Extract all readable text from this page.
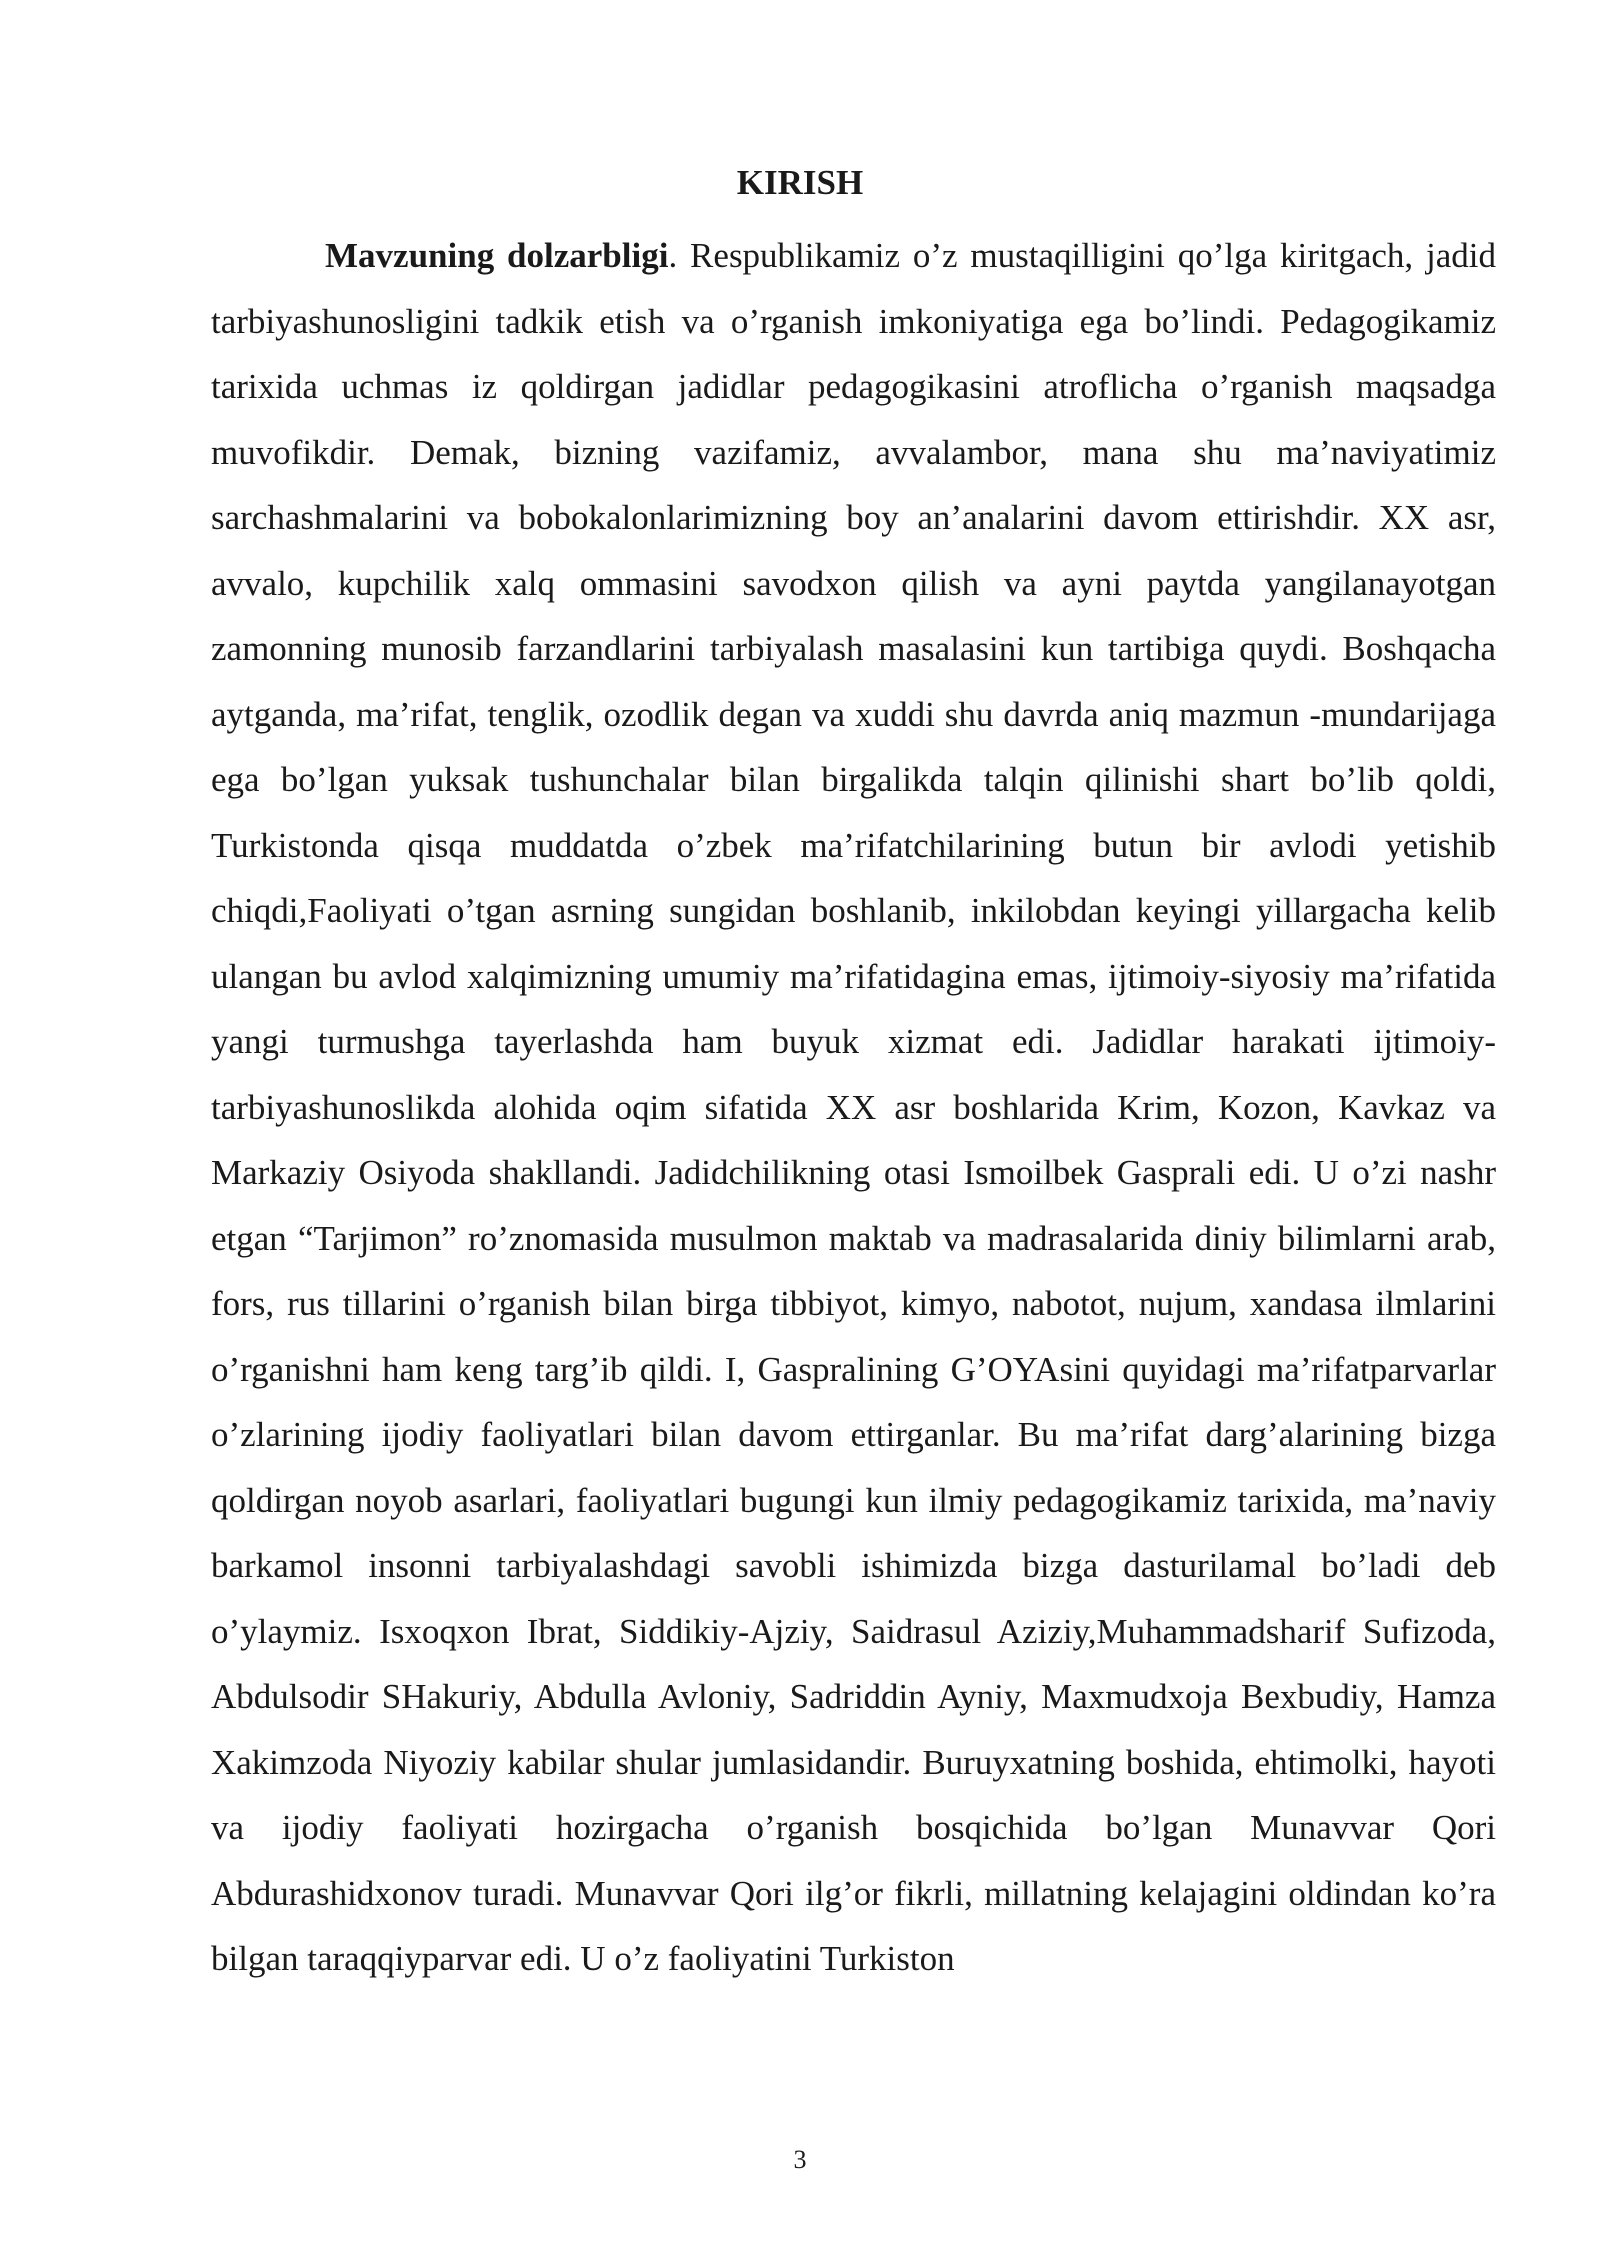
KIRISH

Mavzuning dolzarbligi. Respublikamiz o’z mustaqilligini qo’lga kiritgach, jadid tarbiyashunosligini tadkik etish va o’rganish imkoniyatiga ega bo’lindi. Pedagogikamiz tarixida uchmas iz qoldirgan jadidlar pedagogikasini atroflicha o’rganish maqsadga muvofikdir. Demak, bizning vazifamiz, avvalambor, mana shu ma’naviyatimiz sarchashmalarini va bobokalonlarimizning boy an’analarini davom ettirishdir. XX asr, avvalo, kupchilik xalq ommasini savodxon qilish va ayni paytda yangilanayotgan zamonning munosib farzandlarini tarbiyalash masalasini kun tartibiga quydi. Boshqacha aytganda, ma’rifat, tenglik, ozodlik degan va xuddi shu davrda aniq mazmun -mundarijaga ega bo’lgan yuksak tushunchalar bilan birgalikda talqin qilinishi shart bo’lib qoldi, Turkistonda qisqa muddatda o’zbek ma’rifatchilarining butun bir avlodi yetishib chiqdi,Faoliyati o’tgan asrning sungidan boshlanib, inkilobdan keyingi yillargacha kelib ulangan bu avlod xalqimizning umumiy ma’rifatidagina emas, ijtimoiy-siyosiy ma’rifatida yangi turmushga tayerlashda ham buyuk xizmat edi. Jadidlar harakati ijtimoiy-tarbiyashunoslikda alohida oqim sifatida XX asr boshlarida Krim, Kozon, Kavkaz va Markaziy Osiyoda shakllandi. Jadidchilikning otasi Ismoilbek Gasprali edi. U o’zi nashr etgan “Tarjimon” ro’znomasida musulmon maktab va madrasalarida diniy bilimlarni arab, fors, rus tillarini o’rganish bilan birga tibbiyot, kimyo, nabotot, nujum, xandasa ilmlarini o’rganishni ham keng targ’ib qildi. I, Gaspralining G’OYAsini quyidagi ma’rifatparvarlar o’zlarining ijodiy faoliyatlari bilan davom ettirganlar. Bu ma’rifat darg’alarining bizga qoldirgan noyob asarlari, faoliyatlari bugungi kun ilmiy pedagogikamiz tarixida, ma’naviy barkamol insonni tarbiyalashdagi savobli ishimizda bizga dasturilamal bo’ladi deb o’ylaymiz. Isxoqxon Ibrat, Siddikiy-Ajziy, Saidrasul Aziziy,Muhammadsharif Sufizoda, Abdulsodir SHakuriy, Abdulla Avloniy, Sadriddin Ayniy, Maxmudxoja Bexbudiy, Hamza Xakimzoda Niyoziy kabilar shular jumlasidandir. Buruyxatning boshida, ehtimolki, hayoti va ijodiy faoliyati hozirgacha o’rganish bosqichida bo’lgan Munavvar Qori Abdurashidxonov turadi. Munavvar Qori ilg’or fikrli, millatning kelajagini oldindan ko’ra bilgan taraqqiyparvar edi. U o’z faoliyatini Turkiston

3
